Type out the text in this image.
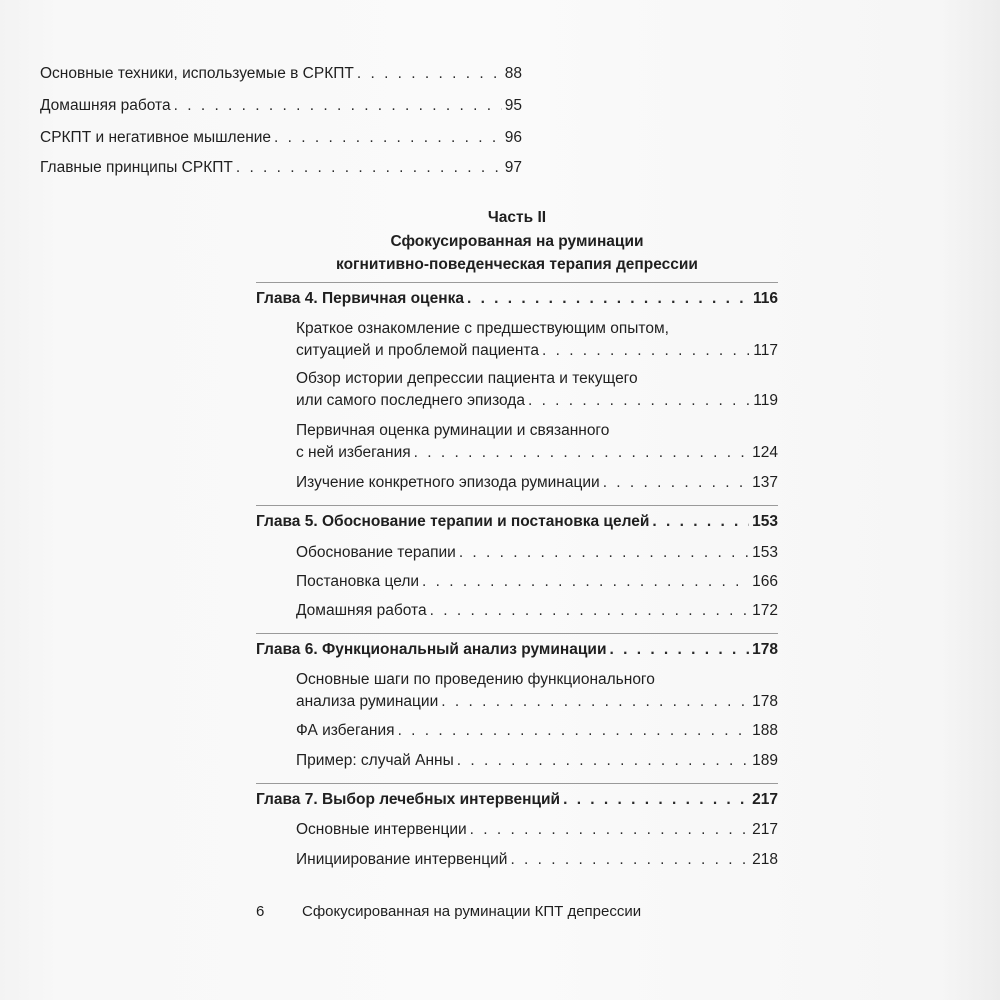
Основные техники, используемые в СРКПТ . . .	88
Домашняя работа . . .	95
СРКПТ и негативное мышление . . .	96
Главные принципы СРКПТ . . .	97
Часть II
Сфокусированная на руминации
когнитивно-поведенческая терапия депрессии
Глава 4. Первичная оценка . . .	116
Краткое ознакомление с предшествующим опытом,
ситуацией и проблемой пациента . . .	117
Обзор истории депрессии пациента и текущего
или самого последнего эпизода . . .	119
Первичная оценка руминации и связанного
с ней избегания . . .	124
Изучение конкретного эпизода руминации . . .	137
Глава 5. Обоснование терапии и постановка целей . . .	153
Обоснование терапии . . .	153
Постановка цели . . .	166
Домашняя работа . . .	172
Глава 6. Функциональный анализ руминации . . .	178
Основные шаги по проведению функционального
анализа руминации . . .	178
ФА избегания . . .	188
Пример: случай Анны . . .	189
Глава 7. Выбор лечебных интервенций . . .	217
Основные интервенции . . .	217
Инициирование интервенций . . .	218
6	Сфокусированная на руминации КПТ депрессии
